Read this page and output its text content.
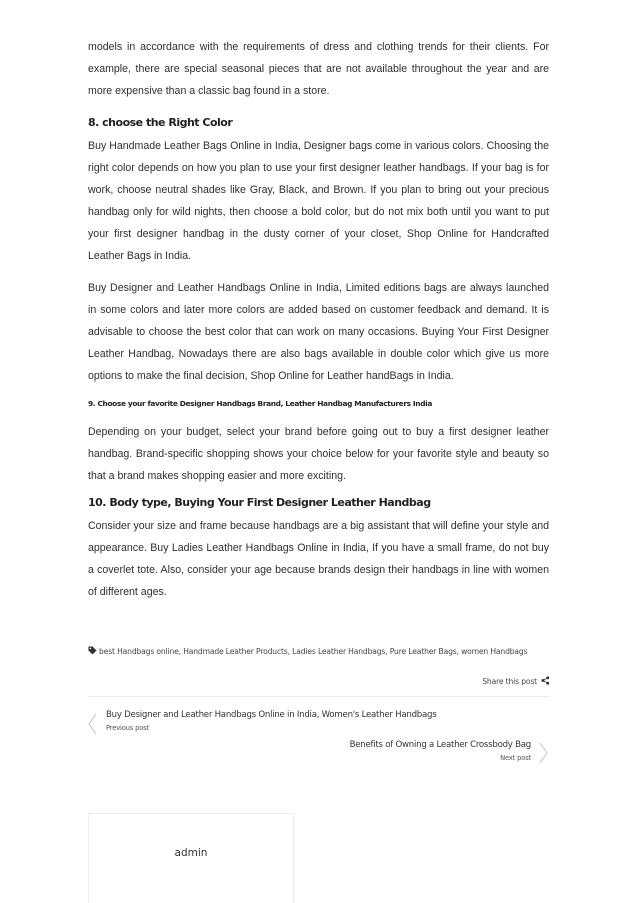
models in accordance with the requirements of dress and clothing trends for their clients. For example, there are special seasonal pieces that are not available throughout the year and are more expensive than a classic bag found in a store.

8. choose the Right Color

Buy Handmade Leather Bags Online in India, Designer bags come in various colors. Choosing the right color depends on how you plan to use your first designer leather handbags. If your bag is for work, choose neutral shades like Gray, Black, and Brown. If you plan to bring out your precious handbag only for wild nights, then choose a bold color, but do not mix both until you want to put your first designer handbag in the dusty corner of your closet, Shop Online for Handcrafted Leather Bags in India.

Buy Designer and Leather Handbags Online in India, Limited editions bags are always launched in some colors and later more colors are added based on customer feedback and demand. It is advisable to choose the best color that can work on many occasions. Buying Your First Designer Leather Handbag, Nowadays there are also bags available in double color which give us more options to make the final decision, Shop Online for Leather handBags in India.

9. Choose your favorite Designer Handbags Brand, Leather Handbag Manufacturers India

Depending on your budget, select your brand before going out to buy a first designer leather handbag. Brand-specific shopping shows your choice below for your favorite style and beauty so that a brand makes shopping easier and more exciting.

10. Body type, Buying Your First Designer Leather Handbag

Consider your size and frame because handbags are a big assistant that will define your style and appearance. Buy Ladies Leather Handbags Online in India, If you have a small frame, do not buy a coverlet tote. Also, consider your age because brands design their handbags in line with women of different ages.

best Handbags online, Handmade Leather Products, Ladies Leather Handbags, Pure Leather Bags, women Handbags
Share this post
Buy Designer and Leather Handbags Online in India, Women's Leather Handbags
Previous post
Benefits of Owning a Leather Crossbody Bag
Next post
admin
